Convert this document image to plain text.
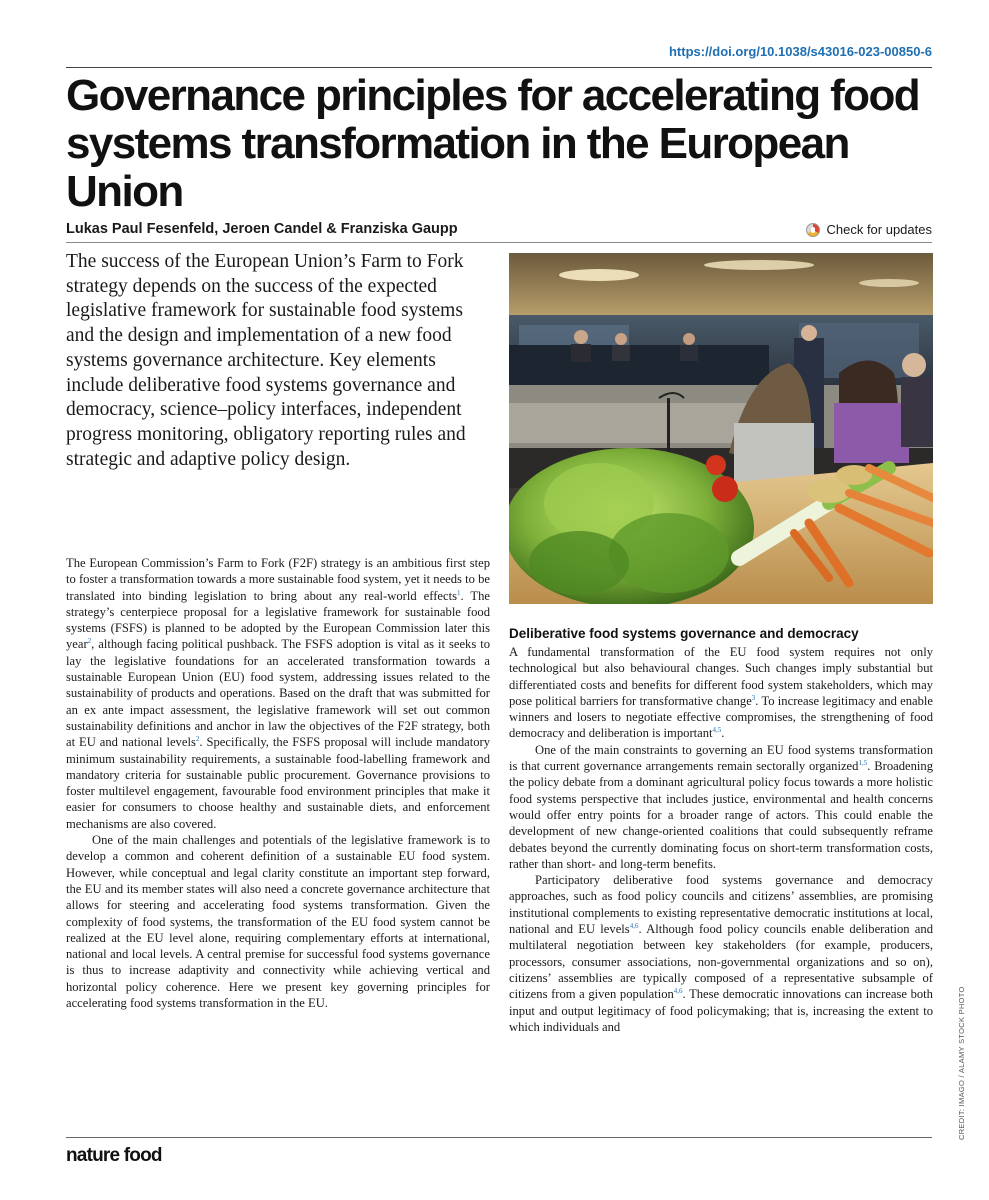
https://doi.org/10.1038/s43016-023-00850-6
Governance principles for accelerating food systems transformation in the European Union
Lukas Paul Fesenfeld, Jeroen Candel & Franziska Gaupp	Check for updates

The success of the European Union’s Farm to Fork strategy depends on the success of the expected legislative framework for sustainable food systems and the design and implementation of a new food systems governance architecture. Key elements include deliberative food systems governance and democracy, science–policy interfaces, independent progress monitoring, obligatory reporting rules and strategic and adaptive policy design.

CREDIT: IMAGO / ALAMY STOCK PHOTO

The European Commission’s Farm to Fork (F2F) strategy is an ambitious first step to foster a transformation towards a more sustainable food system, yet it needs to be translated into binding legislation to bring about any real-world effects$^1$. The strategy’s centerpiece proposal for a legislative framework for sustainable food systems (FSFS) is planned to be adopted by the European Commission later this year$^2$, although facing political pushback. The FSFS adoption is vital as it seeks to lay the legislative foundations for an accelerated transformation towards a sustainable European Union (EU) food system, addressing issues related to the sustainability of products and operations. Based on the draft that was submitted for an ex ante impact assessment, the legislative framework will set out common sustainability definitions and anchor in law the objectives of the F2F strategy, both at EU and national levels$^2$. Specifically, the FSFS proposal will include mandatory minimum sustainability requirements, a sustainable food-labelling framework and mandatory criteria for sustainable public procurement. Governance provisions to foster multilevel engagement, favourable food environment principles that make it easier for consumers to choose healthy and sustainable diets, and enforcement mechanisms are also covered.

One of the main challenges and potentials of the legislative framework is to develop a common and coherent definition of a sustainable EU food system. However, while conceptual and legal clarity constitute an important step forward, the EU and its member states will also need a concrete governance architecture that allows for steering and accelerating food systems transformation. Given the complexity of food systems, the transformation of the EU food system cannot be realized at the EU level alone, requiring complementary efforts at international, national and local levels. A central premise for successful food systems governance is thus to increase adaptivity and connectivity while achieving vertical and horizontal policy coherence. Here we present key governing principles for accelerating food systems transformation in the EU.

Deliberative food systems governance and democracy

A fundamental transformation of the EU food system requires not only technological but also behavioural changes. Such changes imply substantial but differentiated costs and benefits for different food system stakeholders, which may pose political barriers for transformative change$^3$. To increase legitimacy and enable winners and losers to negotiate effective compromises, the strengthening of food democracy and deliberation is important$^{4,5}$.

One of the main constraints to governing an EU food systems transformation is that current governance arrangements remain sectorally organized$^{1,5}$. Broadening the policy debate from a dominant agricultural policy focus towards a more holistic food systems perspective that includes justice, environmental and health concerns would offer entry points for a broader range of actors. This could enable the development of new change-oriented coalitions that could subsequently reframe debates beyond the currently dominating focus on short-term transformation costs, rather than short- and long-term benefits.

Participatory deliberative food systems governance and democracy approaches, such as food policy councils and citizens’ assemblies, are promising institutional complements to existing representative democratic institutions at local, national and EU levels$^{4,6}$. Although food policy councils enable deliberation and multilateral negotiation between key stakeholders (for example, producers, processors, consumer associations, non-governmental organizations and so on), citizens’ assemblies are typically composed of a representative subsample of citizens from a given population$^{4,6}$. These democratic innovations can increase both input and output legitimacy of food policymaking; that is, increasing the extent to which individuals and

nature food
